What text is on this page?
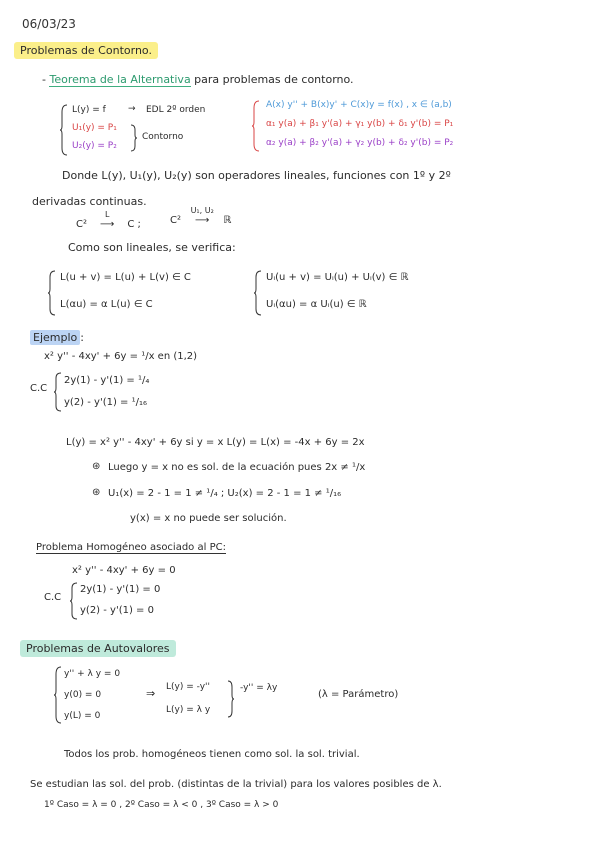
06/03/23
Problemas de Contorno.
- Teorema de la Alternativa para problemas de contorno.
L(y) = f
U₁(y) = P₁
U₂(y) = P₂
→ EDL 2º orden
Contorno
A(x) y'' + B(x)y' + C(x)y = f(x) , x ∈ (a,b)
α₁ y(a) + β₁ y'(a) + γ₁ y(b) + δ₁ y'(b) = P₁
α₂ y(a) + β₂ y'(a) + γ₂ y(b) + δ₂ y'(b) = P₂
Donde L(y), U₁(y), U₂(y) son operadores lineales, funciones con 1º y 2º
derivadas continuas.
C²
L
⟶ C ;	C²
U₁, U₂
⟶ ℝ
Como son lineales, se verifica:
L(u + v) = L(u) + L(v) ∈ C
L(αu) = α L(u) ∈ C
Uᵢ(u + v) = Uᵢ(u) + Uᵢ(v) ∈ ℝ
Uᵢ(αu) = α Uᵢ(u) ∈ ℝ
Ejemplo :
x² y'' - 4xy' + 6y = ¹/x en (1,2)
C.C
2y(1) - y'(1) = ¹/₄
y(2) - y'(1) = ¹/₁₆
L(y) = x² y'' - 4xy' + 6y si y = x L(y) = L(x) = -4x + 6y = 2x
⊛ Luego y = x no es sol. de la ecuación pues 2x ≠ ¹/x
⊛ U₁(x) = 2 - 1 = 1 ≠ ¹/₄ ; U₂(x) = 2 - 1 = 1 ≠ ¹/₁₆
y(x) = x no puede ser solución.
Problema Homogéneo asociado al PC:
x² y'' - 4xy' + 6y = 0
C.C
2y(1) - y'(1) = 0
y(2) - y'(1) = 0
Problemas de Autovalores
y'' + λ y = 0
y(0) = 0
y(L) = 0
⇒ L(y) = -y''
L(y) = λ y
-y'' = λy
(λ = Parámetro)
Todos los prob. homogéneos tienen como sol. la sol. trivial.
Se estudian las sol. del prob. (distintas de la trivial) para los valores posibles de λ.
1º Caso = λ = 0 , 2º Caso = λ < 0 , 3º Caso = λ > 0
